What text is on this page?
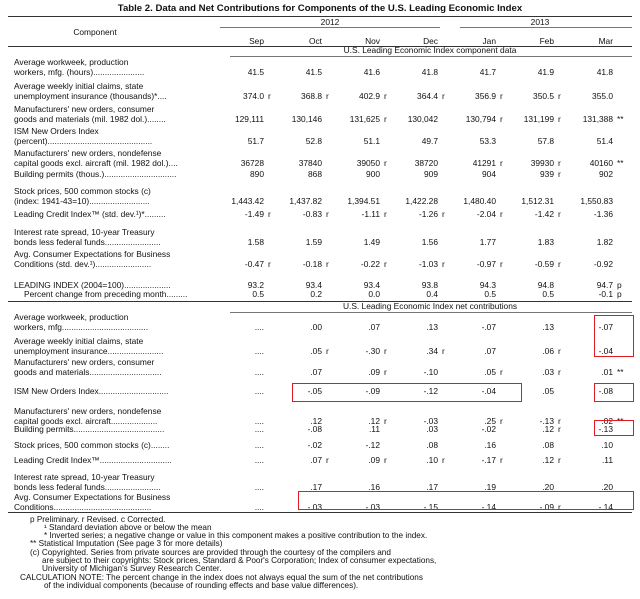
Table 2. Data and Net Contributions for Components of the U.S. Leading Economic Index
2012	2013
Component
Sep	Oct	Nov	Dec	Jan	Feb	Mar
U.S. Leading Economic Index component data
Average workweek, production
workers, mfg. (hours)......................	41.5	41.5	41.6	41.8	41.7	41.9	41.8
Average weekly initial claims, state
unemployment insurance (thousands)*....	374.0 r	368.8 r	402.9 r	364.4 r	356.9 r	350.5 r	355.0
Manufacturers' new orders, consumer
goods and materials (mil. 1982 dol.)........	129,111	130,146	131,625 r	130,042	130,794 r	131,199 r	131,388 **
ISM New Orders Index
(percent).............................................	51.7	52.8	51.1	49.7	53.3	57.8	51.4
Manufacturers' new orders, nondefense
capital goods excl. aircraft (mil. 1982 dol.)....	36728	37840	39050 r	38720	41291 r	39930 r	40160 **
Building permits (thous.)...............................	890	868	900	909	904	939 r	902
Stock prices, 500 common stocks (c)
(index: 1941-43=10)..........................	1,443.42	1,437.82	1,394.51	1,422.28	1,480.40	1,512.31	1,550.83
Leading Credit Index™ (std. dev.¹)*.........	-1.49 r	-0.83 r	-1.11 r	-1.26 r	-2.04 r	-1.42 r	-1.36
Interest rate spread, 10-year Treasury
bonds less federal funds........................	1.58	1.59	1.49	1.56	1.77	1.83	1.82
Avg. Consumer Expectations for Business
Conditions (std. dev.¹)........................	-0.47 r	-0.18 r	-0.22 r	-1.03 r	-0.97 r	-0.59 r	-0.92
LEADING INDEX (2004=100)....................	93.2	93.4	93.4	93.8	94.3	94.8	94.7 p
Percent change from preceding month.........	0.5	0.2	0.0	0.4	0.5	0.5	-0.1 p
U.S. Leading Economic Index net contributions
Average workweek, production
workers, mfg.....................................	....	.00	.07	.13	-.07	.13	-.07
Average weekly initial claims, state
unemployment insurance........................	....	.05 r	-.30 r	.34 r	.07	.06 r	-.04
Manufacturers' new orders, consumer
goods and materials...............................	....	.07	.09 r	-.10	.05 r	.03 r	.01 **
ISM New Orders Index..............................	....	-.05	-.09	-.12	-.04	.05	-.08
Manufacturers' new orders, nondefense
capital goods excl. aircraft....................	....	.12	.12 r	-.03	.25 r	-.13 r	.02 **
Building permits.......................................	....	-.08	.11	.03	-.02	.12 r	-.13
Stock prices, 500 common stocks (c)........	....	-.02	-.12	.08	.16	.08	.10
Leading Credit Index™...............................	....	.07 r	.09 r	.10 r	-.17 r	.12 r	.11
Interest rate spread, 10-year Treasury
bonds less federal funds........................	....	.17	.16	.17	.19	.20	.20
Avg. Consumer Expectations for Business
Conditions..........................................	....	-.03	-.03	-.15	-.14	-.09 r	-.14
p Preliminary. r Revised. c Corrected.
¹ Standard deviation above or below the mean
* Inverted series; a negative change or value in this component makes a positive contribution to the index.
** Statistical Imputation (See page 3 for more details)
(c) Copyrighted. Series from private sources are provided through the courtesy of the compilers and
are subject to their copyrights: Stock prices, Standard & Poor's Corporation; Index of consumer expectations,
University of Michigan's Survey Research Center.
CALCULATION NOTE: The percent change in the index does not always equal the sum of the net contributions
of the individual components (because of rounding effects and base value differences).
